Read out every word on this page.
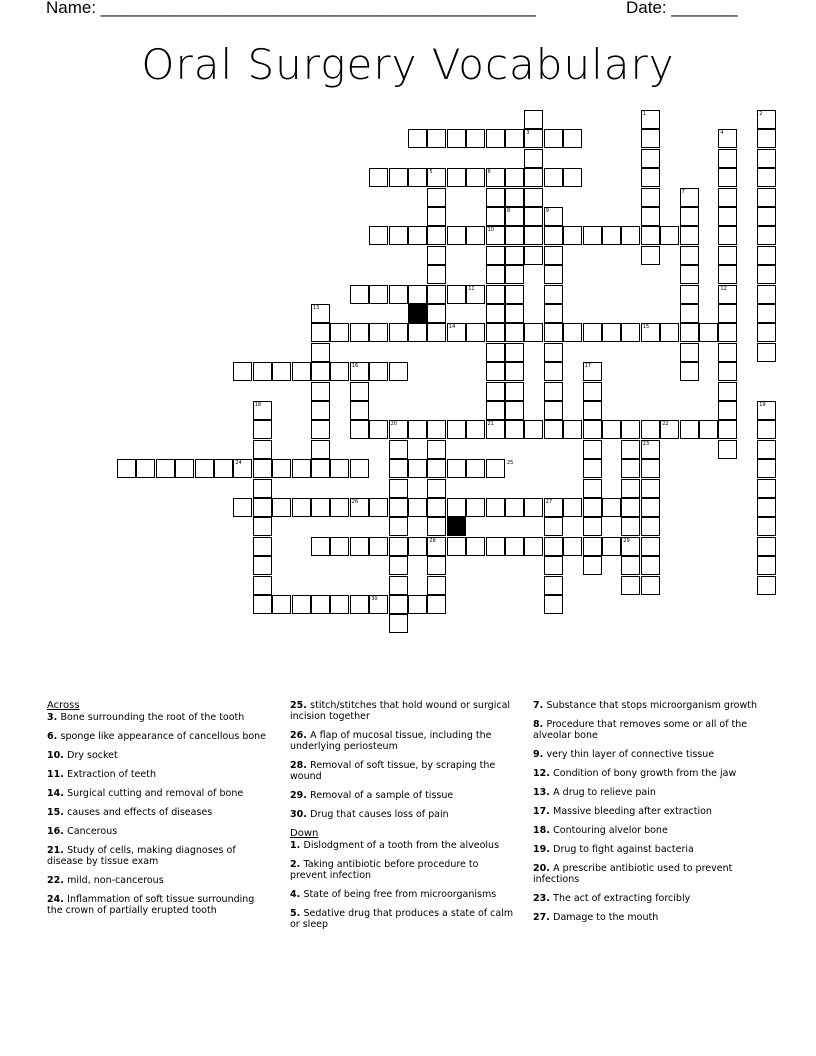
Name: ______________________________________________	Date: _______
Oral Surgery Vocabulary
1	2
3	4
5	6
7
8	9
10
11	12
13
14	15
16	17
18	19
20	21	22
23
24	25
26	27
28	29
30
Across
3. Bone surrounding the root of the tooth
6. sponge like appearance of cancellous bone
10. Dry socket
11. Extraction of teeth
14. Surgical cutting and removal of bone
15. causes and effects of diseases
16. Cancerous
21. Study of cells, making diagnoses of disease by tissue exam
22. mild, non-cancerous
24. Inflammation of soft tissue surrounding the crown of partially erupted tooth
25. stitch/stitches that hold wound or surgical incision together
26. A flap of mucosal tissue, including the underlying periosteum
28. Removal of soft tissue, by scraping the wound
29. Removal of a sample of tissue
30. Drug that causes loss of pain
Down
1. Dislodgment of a tooth from the alveolus
2. Taking antibiotic before procedure to prevent infection
4. State of being free from microorganisms
5. Sedative drug that produces a state of calm or sleep
7. Substance that stops microorganism growth
8. Procedure that removes some or all of the alveolar bone
9. very thin layer of connective tissue
12. Condition of bony growth from the jaw
13. A drug to relieve pain
17. Massive bleeding after extraction
18. Contouring alvelor bone
19. Drug to fight against bacteria
20. A prescribe antibiotic used to prevent infections
23. The act of extracting forcibly
27. Damage to the mouth
